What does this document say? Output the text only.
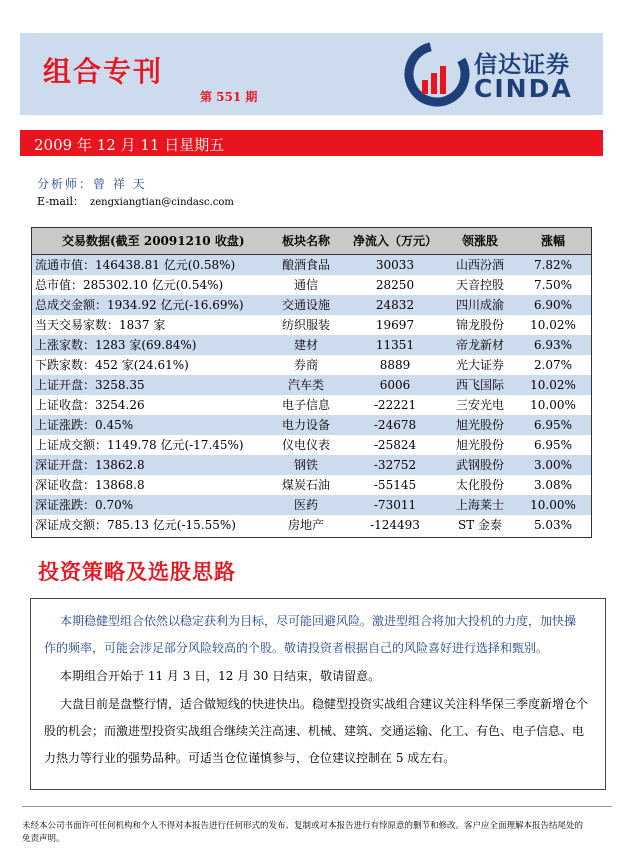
组合专刊
第 551 期
信达证券
CINDA
2009 年 12 月 11 日星期五
分析师：曾 祥 天
E-mail： zengxiangtian@cindasc.com
交易数据(截至 20091210 收盘)	板块名称	净流入（万元）	领涨股	涨幅
流通市值：146438.81 亿元(0.58%)	酿酒食品	30033	山西汾酒	7.82%
总市值：285302.10 亿元(0.54%)	通信	28250	天音控股	7.50%
总成交金额：1934.92 亿元(-16.69%)	交通设施	24832	四川成渝	6.90%
当天交易家数：1837 家	纺织服装	19697	锦龙股份	10.02%
上涨家数：1283 家(69.84%)	建材	11351	帝龙新材	6.93%
下跌家数：452 家(24.61%)	券商	8889	光大证券	2.07%
上证开盘：3258.35	汽车类	6006	西飞国际	10.02%
上证收盘：3254.26	电子信息	-22221	三安光电	10.00%
上证涨跌：0.45%	电力设备	-24678	旭光股份	6.95%
上证成交额：1149.78 亿元(-17.45%)	仪电仪表	-25824	旭光股份	6.95%
深证开盘：13862.8	钢铁	-32752	武钢股份	3.00%
深证收盘：13868.8	煤炭石油	-55145	太化股份	3.08%
深证涨跌：0.70%	医药	-73011	上海莱士	10.00%
深证成交额：785.13 亿元(-15.55%)	房地产	-124493	ST 金泰	5.03%
投资策略及选股思路
本期稳健型组合依然以稳定获利为目标，尽可能回避风险。激进型组合将加大投机的力度，加快操
作的频率，可能会涉足部分风险较高的个股。敬请投资者根据自己的风险喜好进行选择和甄别。
本期组合开始于 11 月 3 日，12 月 30 日结束，敬请留意。
大盘目前是盘整行情，适合做短线的快进快出。稳健型投资实战组合建议关注科华保三季度新增仓个
股的机会；而激进型投资实战组合继续关注高速、机械、建筑、交通运输、化工、有色、电子信息、电
力热力等行业的强势品种。可适当仓位谨慎参与，仓位建议控制在 5 成左右。
未经本公司书面许可任何机构和个人不得对本报告进行任何形式的发布、复制或对本报告进行有悖原意的删节和修改。客户应全面理解本报告结尾处的
免责声明。
